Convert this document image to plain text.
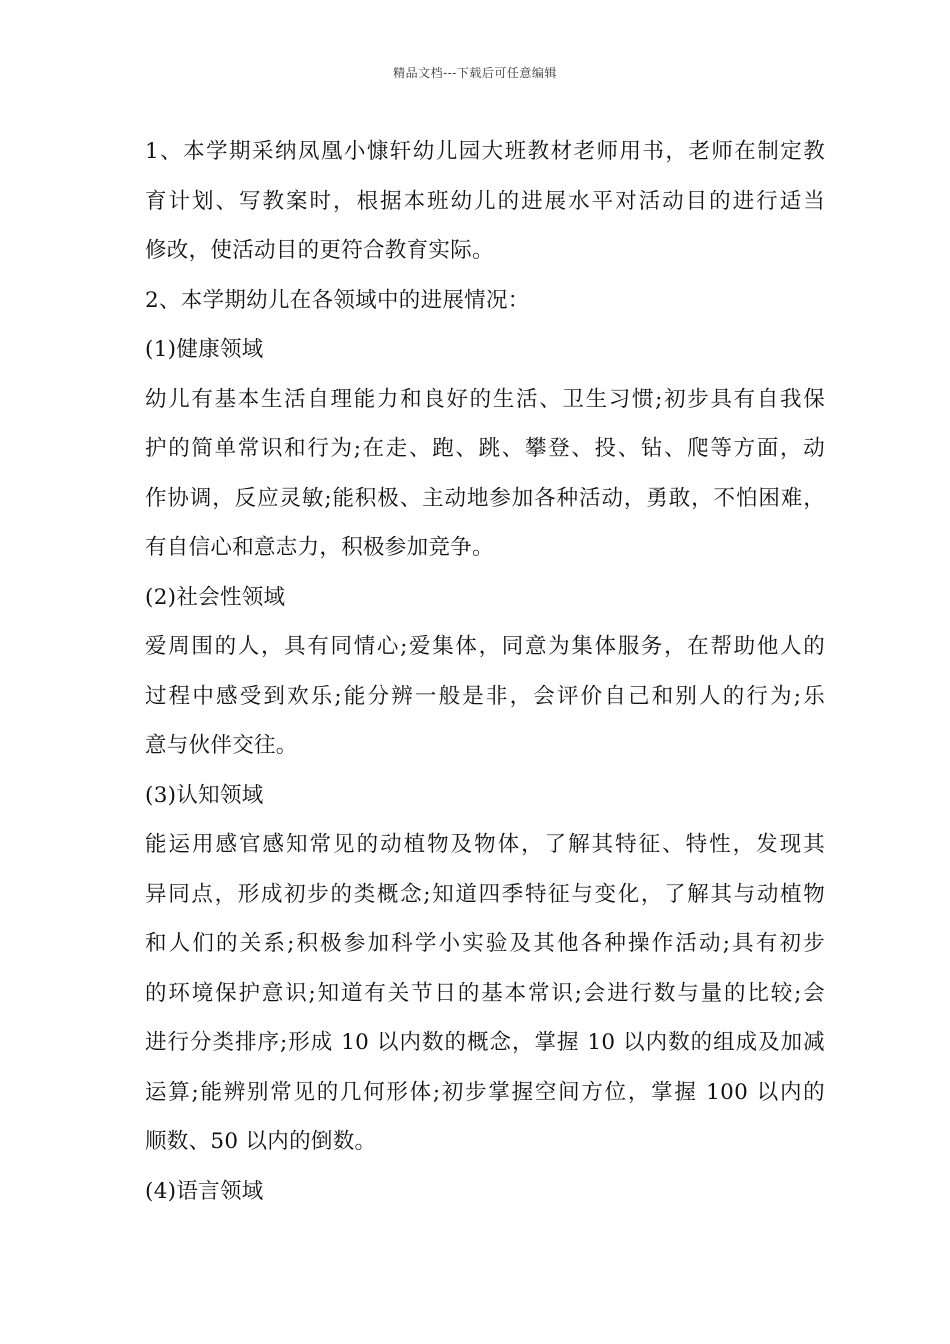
精品文档---下载后可任意编辑
1、本学期采纳凤凰小慷轩幼儿园大班教材老师用书，老师在制定教
育计划、写教案时，根据本班幼儿的进展水平对活动目的进行适当
修改，使活动目的更符合教育实际。
2、本学期幼儿在各领域中的进展情况：
(1)健康领域
幼儿有基本生活自理能力和良好的生活、卫生习惯;初步具有自我保
护的简单常识和行为;在走、跑、跳、攀登、投、钻、爬等方面，动
作协调，反应灵敏;能积极、主动地参加各种活动，勇敢，不怕困难，
有自信心和意志力，积极参加竞争。
(2)社会性领域
爱周围的人，具有同情心;爱集体，同意为集体服务，在帮助他人的
过程中感受到欢乐;能分辨一般是非，会评价自己和别人的行为;乐
意与伙伴交往。
(3)认知领域
能运用感官感知常见的动植物及物体，了解其特征、特性，发现其
异同点，形成初步的类概念;知道四季特征与变化，了解其与动植物
和人们的关系;积极参加科学小实验及其他各种操作活动;具有初步
的环境保护意识;知道有关节日的基本常识;会进行数与量的比较;会
进行分类排序;形成 10 以内数的概念，掌握 10 以内数的组成及加减
运算;能辨别常见的几何形体;初步掌握空间方位，掌握 100 以内的
顺数、50 以内的倒数。
(4)语言领域
